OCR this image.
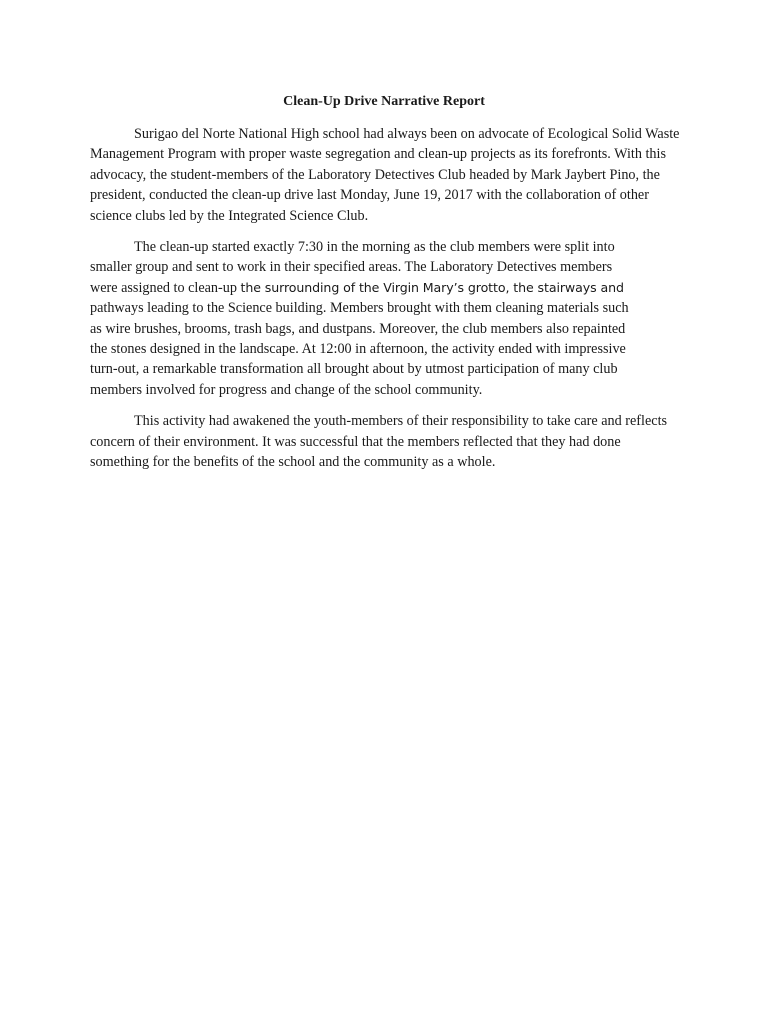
Clean-Up Drive Narrative Report

Surigao del Norte National High school had always been on advocate of Ecological Solid Waste Management Program with proper waste segregation and clean-up projects as its forefronts. With this advocacy, the student-members of the Laboratory Detectives Club headed by Mark Jaybert Pino, the president, conducted the clean-up drive last Monday, June 19, 2017 with the collaboration of other science clubs led by the Integrated Science Club.

The clean-up started exactly 7:30 in the morning as the club members were split into
smaller group and sent to work in their specified areas. The Laboratory Detectives members
were assigned to clean-up the surrounding of the Virgin Mary’s grotto, the stairways and
pathways leading to the Science building. Members brought with them cleaning materials such
as wire brushes, brooms, trash bags, and dustpans. Moreover, the club members also repainted
the stones designed in the landscape. At 12:00 in afternoon, the activity ended with impressive
turn-out, a remarkable transformation all brought about by utmost participation of many club
members involved for progress and change of the school community.

This activity had awakened the youth-members of their responsibility to take care and reflects concern of their environment. It was successful that the members reflected that they had done something for the benefits of the school and the community as a whole.
